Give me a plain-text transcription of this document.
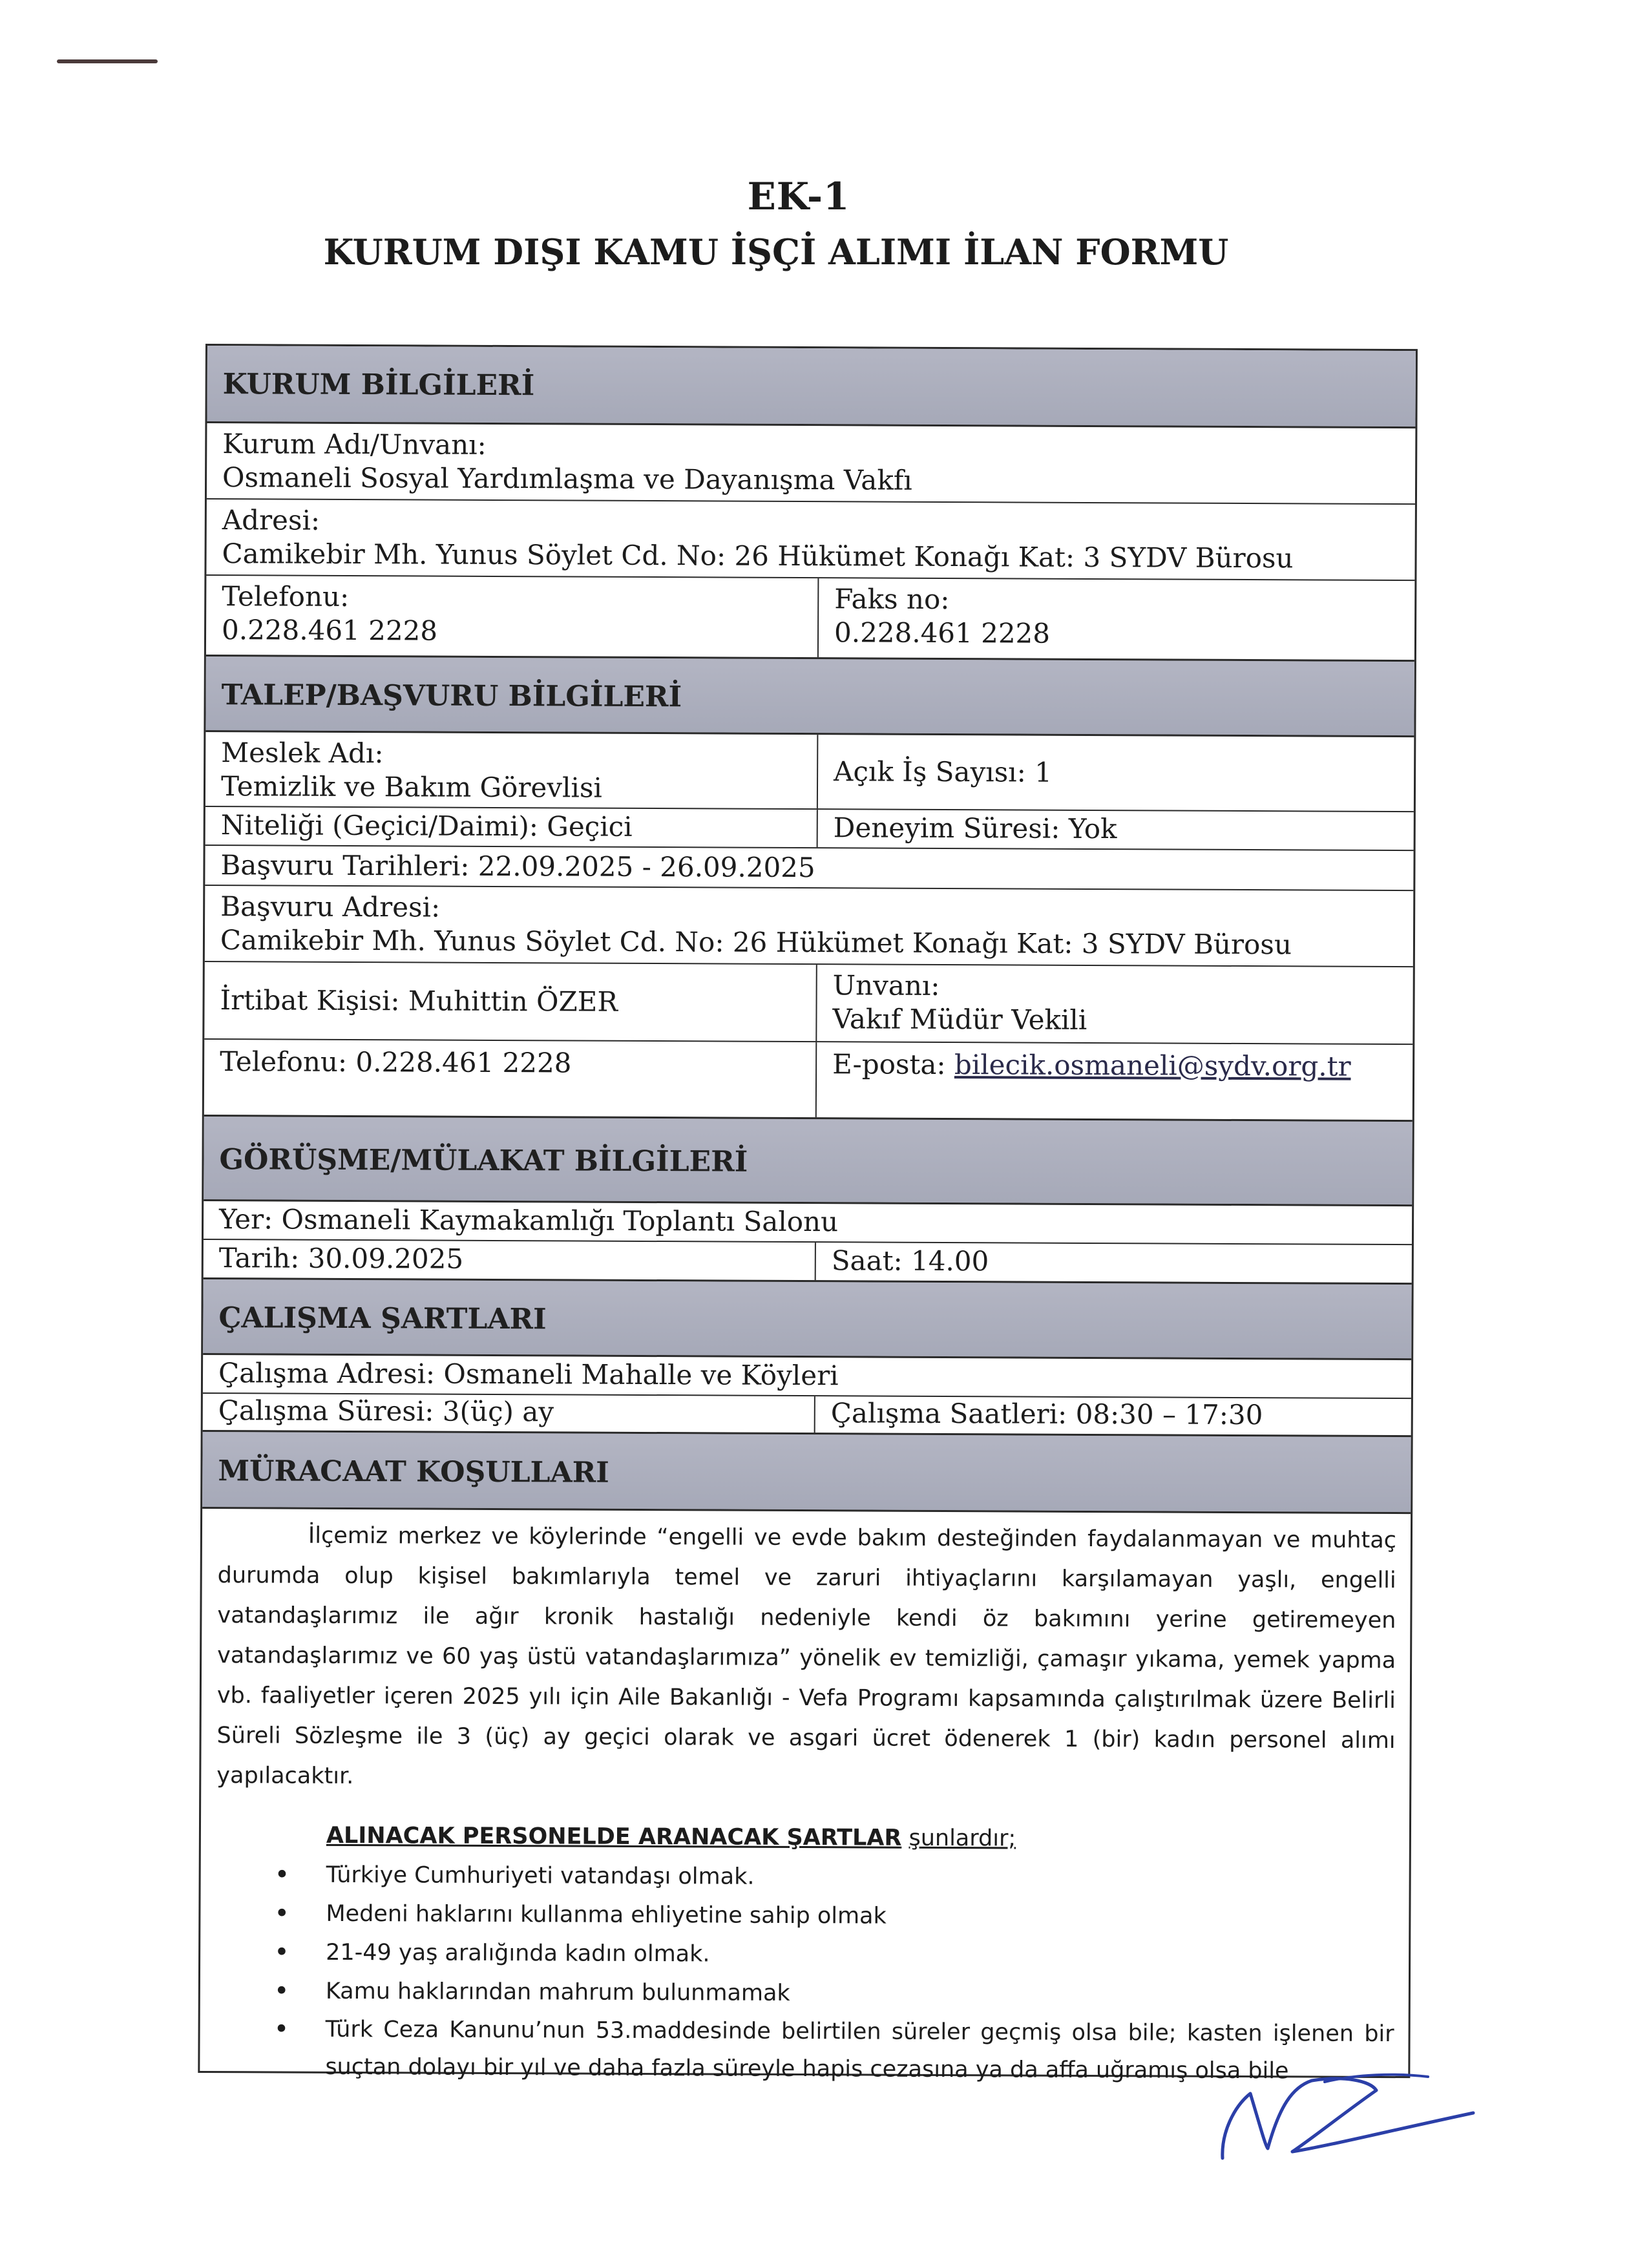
EK-1
KURUM DIŞI KAMU İŞÇİ ALIMI İLAN FORMU
KURUM BİLGİLERİ
Kurum Adı/Unvanı:
Osmaneli Sosyal Yardımlaşma ve Dayanışma Vakfı
Adresi:
Camikebir Mh. Yunus Söylet Cd. No: 26 Hükümet Konağı Kat: 3 SYDV Bürosu
Telefonu:
0.228.461 2228
Faks no:
0.228.461 2228
TALEP/BAŞVURU BİLGİLERİ
Meslek Adı:
Temizlik ve Bakım Görevlisi	Açık İş Sayısı: 1
Niteliği (Geçici/Daimi): Geçici	Deneyim Süresi: Yok
Başvuru Tarihleri: 22.09.2025 - 26.09.2025
Başvuru Adresi:
Camikebir Mh. Yunus Söylet Cd. No: 26 Hükümet Konağı Kat: 3 SYDV Bürosu
İrtibat Kişisi: Muhittin ÖZER	Unvanı:
Vakıf Müdür Vekili
Telefonu: 0.228.461 2228	E-posta: bilecik.osmaneli@sydv.org.tr
GÖRÜŞME/MÜLAKAT BİLGİLERİ
Yer: Osmaneli Kaymakamlığı Toplantı Salonu
Tarih: 30.09.2025	Saat: 14.00
ÇALIŞMA ŞARTLARI
Çalışma Adresi: Osmaneli Mahalle ve Köyleri
Çalışma Süresi: 3(üç) ay	Çalışma Saatleri: 08:30 – 17:30
MÜRACAAT KOŞULLARI
İlçemiz merkez ve köylerinde “engelli ve evde bakım desteğinden faydalanmayan ve muhtaç durumda olup kişisel bakımlarıyla temel ve zaruri ihtiyaçlarını karşılamayan yaşlı, engelli vatandaşlarımız ile ağır kronik hastalığı nedeniyle kendi öz bakımını yerine getiremeyen vatandaşlarımız ve 60 yaş üstü vatandaşlarımıza” yönelik ev temizliği, çamaşır yıkama, yemek yapma vb. faaliyetler içeren 2025 yılı için Aile Bakanlığı - Vefa Programı kapsamında çalıştırılmak üzere Belirli Süreli Sözleşme ile 3 (üç) ay geçici olarak ve asgari ücret ödenerek 1 (bir) kadın personel alımı yapılacaktır.
ALINACAK PERSONELDE ARANACAK ŞARTLAR şunlardır;
• Türkiye Cumhuriyeti vatandaşı olmak.
• Medeni haklarını kullanma ehliyetine sahip olmak
• 21-49 yaş aralığında kadın olmak.
• Kamu haklarından mahrum bulunmamak
• Türk Ceza Kanunu’nun 53.maddesinde belirtilen süreler geçmiş olsa bile; kasten işlenen bir suçtan dolayı bir yıl ve daha fazla süreyle hapis cezasına ya da affa uğramış olsa bile
